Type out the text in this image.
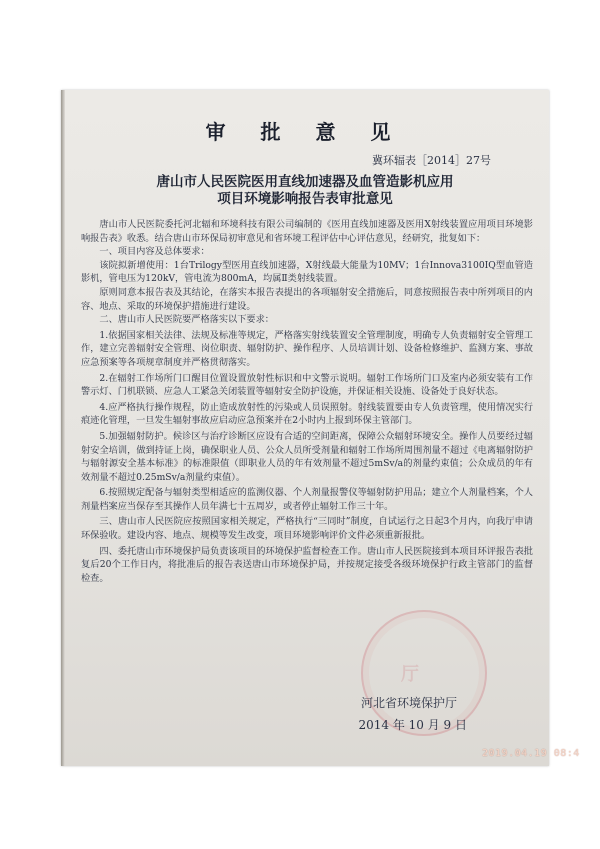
审 批 意 见
冀环辐表［2014］27号
唐山市人民医院医用直线加速器及血管造影机应用
项目环境影响报告表审批意见

唐山市人民医院委托河北辐和环境科技有限公司编制的《医用直线加速器及医用X射线装置应用项目环境影响报告表》收悉。结合唐山市环保局初审意见和省环境工程评估中心评估意见，经研究，批复如下：

一、项目内容及总体要求：

该院拟新增使用：1台Trilogy型医用直线加速器，X射线最大能量为10MV；1台Innova3100IQ型血管造影机，管电压为120kV，管电流为800mA，均属Ⅱ类射线装置。

原则同意本报告表及其结论，在落实本报告表提出的各项辐射安全措施后，同意按照报告表中所列项目的内容、地点、采取的环境保护措施进行建设。

二、唐山市人民医院要严格落实以下要求：

1.依据国家相关法律、法规及标准等规定，严格落实射线装置安全管理制度，明确专人负责辐射安全管理工作，建立完善辐射安全管理、岗位职责、辐射防护、操作程序、人员培训计划、设备检修维护、监测方案、事故应急预案等各项规章制度并严格贯彻落实。

2.在辐射工作场所门口醒目位置设置放射性标识和中文警示说明。辐射工作场所门口及室内必须安装有工作警示灯、门机联锁、应急人工紧急关闭装置等辐射安全防护设施，并保证相关设施、设备处于良好状态。

4.应严格执行操作规程，防止造成放射性的污染或人员误照射。射线装置要由专人负责管理，使用情况实行痕迹化管理，一旦发生辐射事故应启动应急预案并在2小时内上报到环保主管部门。

5.加强辐射防护。候诊区与治疗诊断区应设有合适的空间距离，保障公众辐射环境安全。操作人员要经过辐射安全培训，做到持证上岗，确保职业人员、公众人员所受剂量和辐射工作场所周围剂量不超过《电离辐射防护与辐射源安全基本标准》的标准限值（即职业人员的年有效剂量不超过5mSv/a的剂量约束值；公众成员的年有效剂量不超过0.25mSv/a剂量约束值）。

6.按照规定配备与辐射类型相适应的监测仪器、个人剂量报警仪等辐射防护用品；建立个人剂量档案，个人剂量档案应当保存至其操作人员年满七十五周岁，或者停止辐射工作三十年。

三、唐山市人民医院应按照国家相关规定，严格执行“三同时”制度，自试运行之日起3个月内，向我厅申请环保验收。建设内容、地点、规模等发生改变，项目环境影响评价文件必须重新报批。

四、委托唐山市环境保护局负责该项目的环境保护监督检查工作。唐山市人民医院接到本项目环评报告表批复后20个工作日内，将批准后的报告表送唐山市环境保护局，并按规定接受各级环境保护行政主管部门的监督检查。

厅
河北省环境保护厅
2014 年 10 月 9 日
2019.04.19 08:4
